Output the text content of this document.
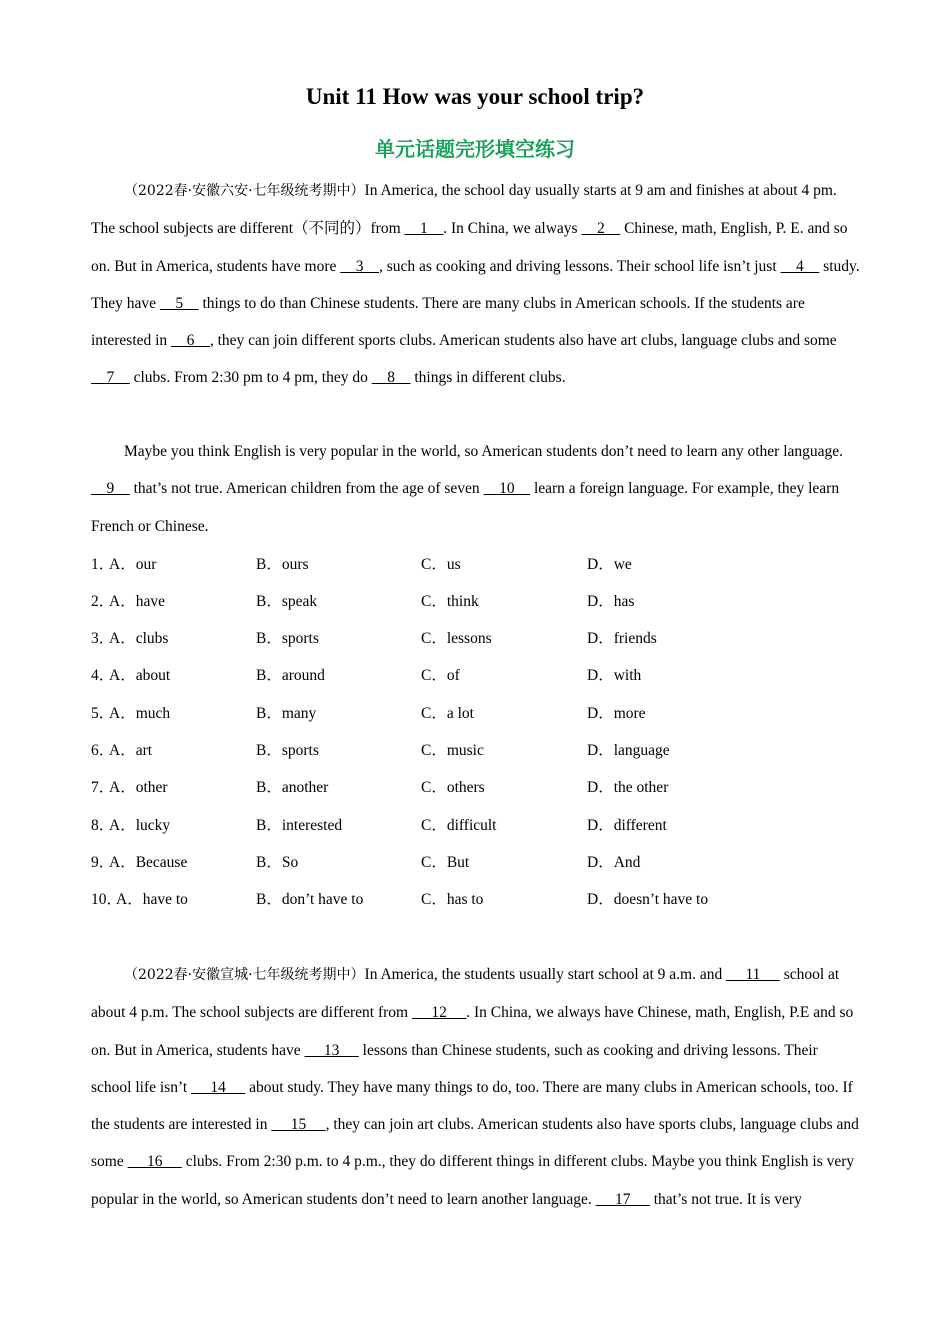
Unit 11 How was your school trip?
单元话题完形填空练习
（2022春·安徽六安·七年级统考期中）In America, the school day usually starts at 9 am and finishes at about 4 pm. The school subjects are different（不同的）from     1    . In China, we always     2     Chinese, math, English, P. E. and so on. But in America, students have more     3    , such as cooking and driving lessons. Their school life isn’t just     4     study. They have     5     things to do than Chinese students. There are many clubs in American schools. If the students are interested in     6    , they can join different sports clubs. American students also have art clubs, language clubs and some     7     clubs. From 2:30 pm to 4 pm, they do     8     things in different clubs.
Maybe you think English is very popular in the world, so American students don’t need to learn any other language.     9     that’s not true. American children from the age of seven     10     learn a foreign language. For example, they learn French or Chinese.
1．
A．our	B．ours	C．us	D．we
2．
A．have	B．speak	C．think	D．has
3．
A．clubs	B．sports	C．lessons	D．friends
4．
A．about	B．around	C．of	D．with
5．
A．much	B．many	C．a lot	D．more
6．
A．art	B．sports	C．music	D．language
7．
A．other	B．another	C．others	D．the other
8．
A．lucky	B．interested	C．difficult	D．different
9．
A．Because	B．So	C．But	D．And
10．
A．have to	B．don’t have to	C．has to	D．doesn’t have to
（2022春·安徽宣城·七年级统考期中）In America, the students usually start school at 9 a.m. and      11      school at about 4 p.m. The school subjects are different from      12     . In China, we always have Chinese, math, English, P.E and so on. But in America, students have      13      lessons than Chinese students, such as cooking and driving lessons. Their school life isn’t      14      about study. They have many things to do, too. There are many clubs in American schools, too. If the students are interested in      15     , they can join art clubs. American students also have sports clubs, language clubs and some      16      clubs. From 2:30 p.m. to 4 p.m., they do different things in different clubs. Maybe you think English is very popular in the world, so American students don’t need to learn another language.      17      that’s not true. It is very
